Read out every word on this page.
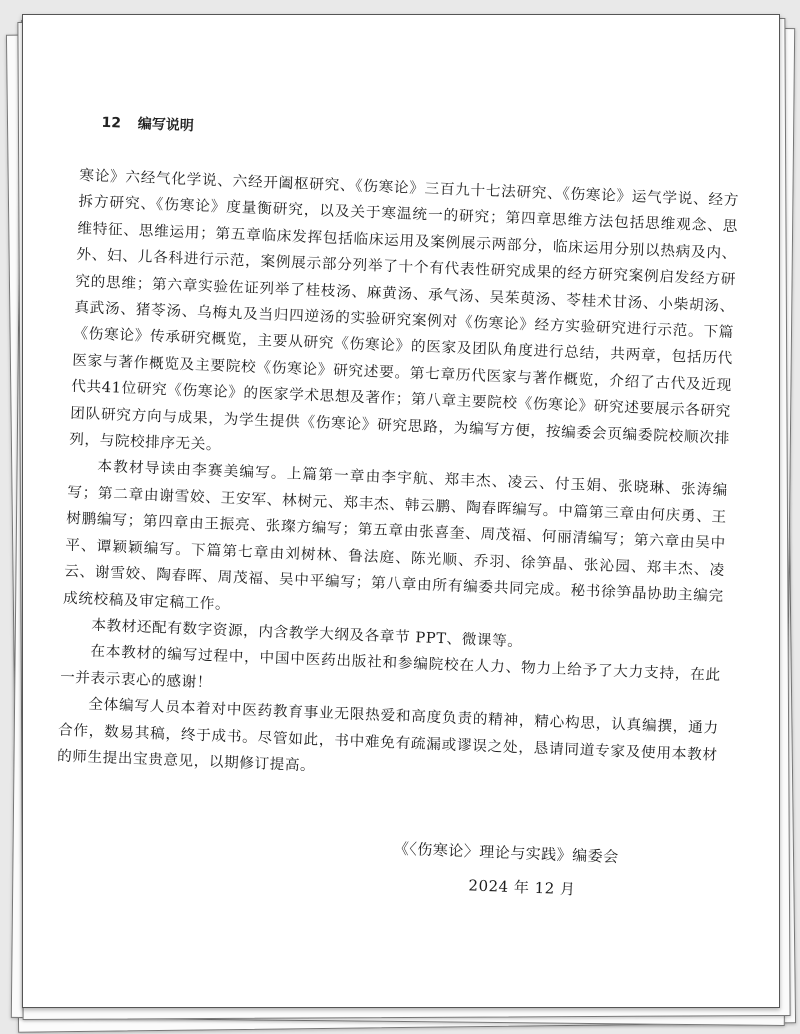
12 编写说明

寒论》六经气化学说、六经开阖枢研究、《伤寒论》三百九十七法研究、《伤寒论》运气学说、经方拆方研究、《伤寒论》度量衡研究，以及关于寒温统一的研究；第四章思维方法包括思维观念、思维特征、思维运用；第五章临床发挥包括临床运用及案例展示两部分，临床运用分别以热病及内、外、妇、儿各科进行示范，案例展示部分列举了十个有代表性研究成果的经方研究案例启发经方研究的思维；第六章实验佐证列举了桂枝汤、麻黄汤、承气汤、吴茱萸汤、苓桂术甘汤、小柴胡汤、真武汤、猪苓汤、乌梅丸及当归四逆汤的实验研究案例对《伤寒论》经方实验研究进行示范。下篇《伤寒论》传承研究概览，主要从研究《伤寒论》的医家及团队角度进行总结，共两章，包括历代医家与著作概览及主要院校《伤寒论》研究述要。第七章历代医家与著作概览，介绍了古代及近现代共41位研究《伤寒论》的医家学术思想及著作；第八章主要院校《伤寒论》研究述要展示各研究团队研究方向与成果，为学生提供《伤寒论》研究思路，为编写方便，按编委会页编委院校顺次排列，与院校排序无关。

本教材导读由李赛美编写。上篇第一章由李宇航、郑丰杰、凌云、付玉娟、张晓琳、张涛编写；第二章由谢雪姣、王安军、林树元、郑丰杰、韩云鹏、陶春晖编写。中篇第三章由何庆勇、王树鹏编写；第四章由王振亮、张璨方编写；第五章由张喜奎、周茂福、何丽清编写；第六章由吴中平、谭颖颖编写。下篇第七章由刘树林、鲁法庭、陈光顺、乔羽、徐笋晶、张沁园、郑丰杰、凌云、谢雪姣、陶春晖、周茂福、吴中平编写；第八章由所有编委共同完成。秘书徐笋晶协助主编完成统校稿及审定稿工作。

本教材还配有数字资源，内含教学大纲及各章节 PPT、微课等。

在本教材的编写过程中，中国中医药出版社和参编院校在人力、物力上给予了大力支持，在此一并表示衷心的感谢！

全体编写人员本着对中医药教育事业无限热爱和高度负责的精神，精心构思，认真编撰，通力合作，数易其稿，终于成书。尽管如此，书中难免有疏漏或谬误之处，恳请同道专家及使用本教材的师生提出宝贵意见，以期修订提高。

《〈伤寒论〉理论与实践》编委会
2024 年 12 月
